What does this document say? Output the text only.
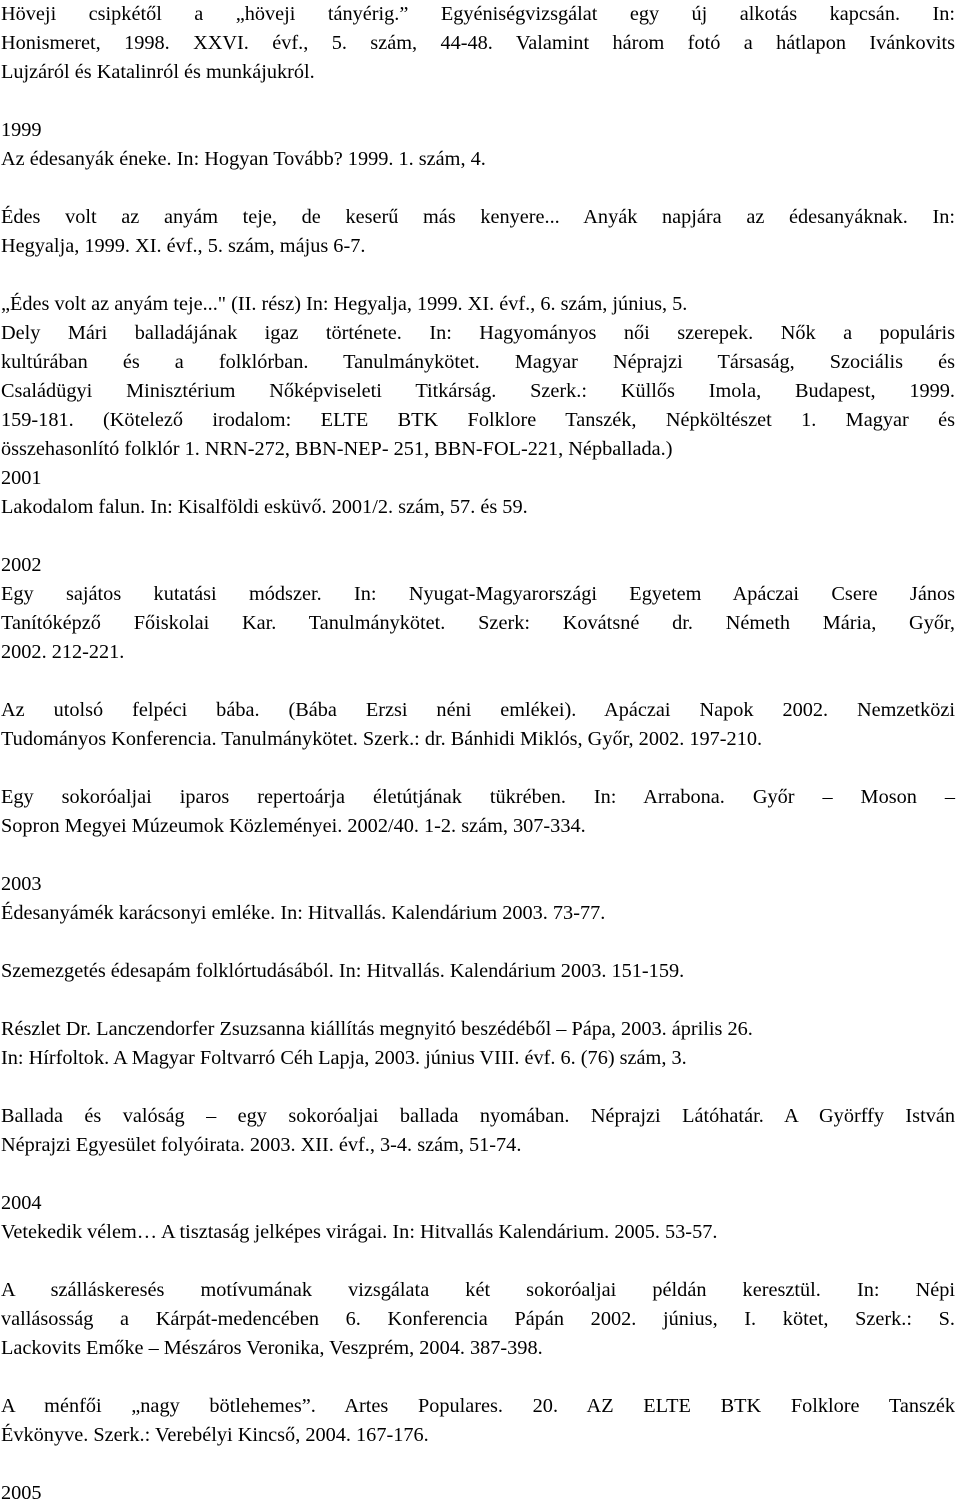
Höveji csipkétől a „höveji tányérig.” Egyéniségvizsgálat egy új alkotás kapcsán. In:
Honismeret, 1998. XXVI. évf., 5. szám, 44-48. Valamint három fotó a hátlapon Ivánkovits
Lujzáról és Katalinról és munkájukról.
1999
Az édesanyák éneke. In: Hogyan Tovább? 1999. 1. szám, 4.
Édes volt az anyám teje, de keserű más kenyere... Anyák napjára az édesanyáknak. In:
Hegyalja, 1999. XI. évf., 5. szám, május 6-7.
„Édes volt az anyám teje..." (II. rész) In: Hegyalja, 1999. XI. évf., 6. szám, június, 5.
Dely Mári balladájának igaz története. In: Hagyományos női szerepek. Nők a populáris
kultúrában és a folklórban. Tanulmánykötet. Magyar Néprajzi Társaság, Szociális és
Családügyi Minisztérium Nőképviseleti Titkárság. Szerk.: Küllős Imola, Budapest, 1999.
159-181. (Kötelező irodalom: ELTE BTK Folklore Tanszék, Népköltészet 1. Magyar és
összehasonlító folklór 1. NRN-272, BBN-NEP- 251, BBN-FOL-221, Népballada.)
2001
Lakodalom falun. In: Kisalföldi esküvő. 2001/2. szám, 57. és 59.
2002
Egy sajátos kutatási módszer. In: Nyugat-Magyarországi Egyetem Apáczai Csere János
Tanítóképző Főiskolai Kar. Tanulmánykötet. Szerk: Kovátsné dr. Németh Mária, Győr,
2002. 212-221.
Az utolsó felpéci bába. (Bába Erzsi néni emlékei). Apáczai Napok 2002. Nemzetközi
Tudományos Konferencia. Tanulmánykötet. Szerk.: dr. Bánhidi Miklós, Győr, 2002. 197-210.
Egy sokoróaljai iparos repertoárja életútjának tükrében. In: Arrabona. Győr – Moson –
Sopron Megyei Múzeumok Közleményei. 2002/40. 1-2. szám, 307-334.
2003
Édesanyámék karácsonyi emléke. In: Hitvallás. Kalendárium 2003. 73-77.
Szemezgetés édesapám folklórtudásából. In: Hitvallás. Kalendárium 2003. 151-159.
Részlet Dr. Lanczendorfer Zsuzsanna kiállítás megnyitó beszédéből – Pápa, 2003. április 26.
In: Hírfoltok. A Magyar Foltvarró Céh Lapja, 2003. június VIII. évf. 6. (76) szám, 3.
Ballada és valóság – egy sokoróaljai ballada nyomában. Néprajzi Látóhatár. A Györffy István
Néprajzi Egyesület folyóirata. 2003. XII. évf., 3-4. szám, 51-74.
2004
Vetekedik vélem… A tisztaság jelképes virágai. In: Hitvallás Kalendárium. 2005. 53-57.
A szálláskeresés motívumának vizsgálata két sokoróaljai példán keresztül. In: Népi
vallásosság a Kárpát-medencében 6. Konferencia Pápán 2002. június, I. kötet, Szerk.: S.
Lackovits Emőke – Mészáros Veronika, Veszprém, 2004. 387-398.
A ménfői „nagy bötlehemes”. Artes Populares. 20. AZ ELTE BTK Folklore Tanszék
Évkönyve. Szerk.: Verebélyi Kincső, 2004. 167-176.
2005
